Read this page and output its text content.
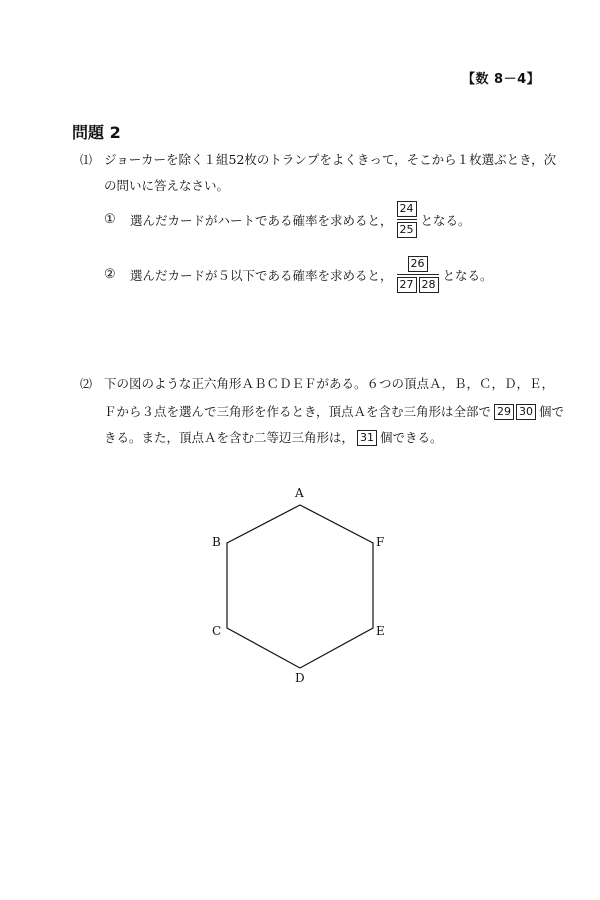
【数 8－4】
問題 2
⑴ ジョーカーを除く１組52枚のトランプをよくきって，そこから１枚選ぶとき，次
の問いに答えなさい。
①	選んだカードがハートである確率を求めると， $\frac{24}{25}$ となる。
②	選んだカードが５以下である確率を求めると， $\frac{26}{27 28}$ となる。
⑵ 下の図のような正六角形ＡＢＣＤＥＦがある。６つの頂点Ａ，Ｂ，Ｃ，Ｄ，Ｅ，
Ｆから３点を選んで三角形を作るとき，頂点Ａを含む三角形は全部で 29 30 個で
きる。また，頂点Ａを含む二等辺三角形は， 31 個できる。
A
B
C
D
E
F
